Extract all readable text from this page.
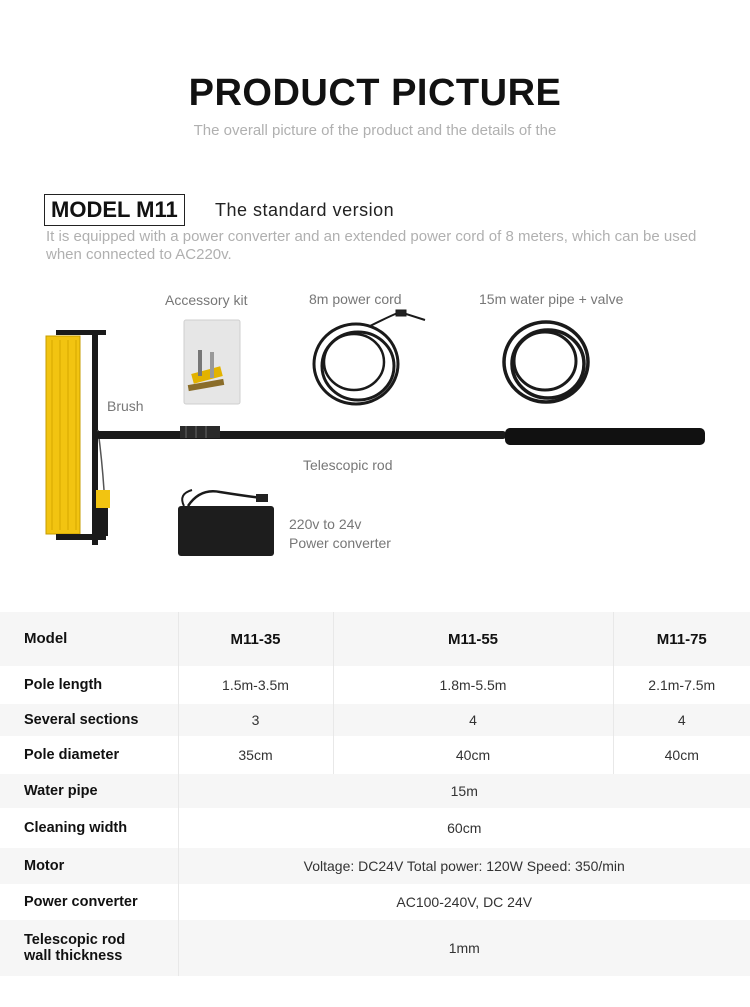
PRODUCT PICTURE
The overall picture of the product and the details of the
MODEL M11	The standard version
It is equipped with a power converter and an extended power cord of 8 meters, which can be used when connected to AC220v.
Accessory kit	8m power cord	15m water pipe + valve
Brush
Telescopic rod
220v to 24v
Power converter
Model	M11-35	M11-55	M11-75
Pole length	1.5m-3.5m	1.8m-5.5m	2.1m-7.5m
Several sections	3	4	4
Pole diameter	35cm	40cm	40cm
Water pipe	15m		
Cleaning width	60cm		
Motor	Voltage: DC24V Total power: 120W Speed: 350/min		
Power converter	AC100-240V, DC 24V		

Telescopic rod
wall thickness	1mm		
